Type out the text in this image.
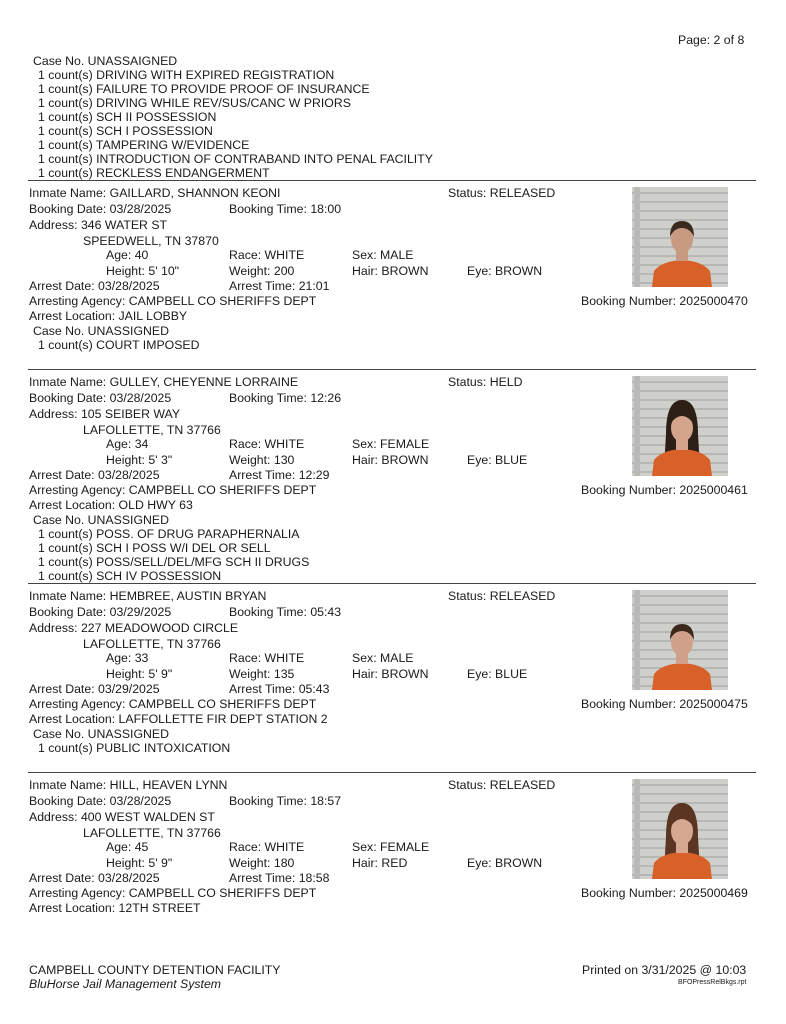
Page: 2 of 8
Case No. UNASSAIGNED
1 count(s) DRIVING WITH EXPIRED REGISTRATION
1 count(s) FAILURE TO PROVIDE PROOF OF INSURANCE
1 count(s) DRIVING WHILE REV/SUS/CANC W PRIORS
1 count(s) SCH II POSSESSION
1 count(s) SCH I POSSESSION
1 count(s) TAMPERING W/EVIDENCE
1 count(s) INTRODUCTION OF CONTRABAND INTO PENAL FACILITY
1 count(s) RECKLESS ENDANGERMENT
Inmate Name: GAILLARD, SHANNON KEONI	Status: RELEASED
Booking Date: 03/28/2025	Booking Time: 18:00
Address: 346 WATER ST
SPEEDWELL, TN 37870
Age: 40	Race: WHITE	Sex: MALE
Height: 5' 10"	Weight: 200	Hair: BROWN	Eye: BROWN
Arrest Date: 03/28/2025	Arrest Time: 21:01
Arresting Agency: CAMPBELL CO SHERIFFS DEPT	Booking Number: 2025000470
Arrest Location: JAIL LOBBY
Case No. UNASSIGNED
1 count(s) COURT IMPOSED
Inmate Name: GULLEY, CHEYENNE LORRAINE	Status: HELD
Booking Date: 03/28/2025	Booking Time: 12:26
Address: 105 SEIBER WAY
LAFOLLETTE, TN 37766
Age: 34	Race: WHITE	Sex: FEMALE
Height: 5' 3"	Weight: 130	Hair: BROWN	Eye: BLUE
Arrest Date: 03/28/2025	Arrest Time: 12:29
Arresting Agency: CAMPBELL CO SHERIFFS DEPT	Booking Number: 2025000461
Arrest Location: OLD HWY 63
Case No. UNASSIGNED
1 count(s) POSS. OF DRUG PARAPHERNALIA
1 count(s) SCH I POSS W/I DEL OR SELL
1 count(s) POSS/SELL/DEL/MFG SCH II DRUGS
1 count(s) SCH IV POSSESSION
Inmate Name: HEMBREE, AUSTIN BRYAN	Status: RELEASED
Booking Date: 03/29/2025	Booking Time: 05:43
Address: 227 MEADOWOOD CIRCLE
LAFOLLETTE, TN 37766
Age: 33	Race: WHITE	Sex: MALE
Height: 5' 9"	Weight: 135	Hair: BROWN	Eye: BLUE
Arrest Date: 03/29/2025	Arrest Time: 05:43
Arresting Agency: CAMPBELL CO SHERIFFS DEPT	Booking Number: 2025000475
Arrest Location: LAFFOLLETTE FIR DEPT STATION 2
Case No. UNASSIGNED
1 count(s) PUBLIC INTOXICATION
Inmate Name: HILL, HEAVEN LYNN	Status: RELEASED
Booking Date: 03/28/2025	Booking Time: 18:57
Address: 400 WEST WALDEN ST
LAFOLLETTE, TN 37766
Age: 45	Race: WHITE	Sex: FEMALE
Height: 5' 9"	Weight: 180	Hair: RED	Eye: BROWN
Arrest Date: 03/28/2025	Arrest Time: 18:58
Arresting Agency: CAMPBELL CO SHERIFFS DEPT	Booking Number: 2025000469
Arrest Location: 12TH STREET
CAMPBELL COUNTY DETENTION FACILITY
BluHorse Jail Management System
Printed on 3/31/2025 @ 10:03
BFOPressRelBkgs.rpt
